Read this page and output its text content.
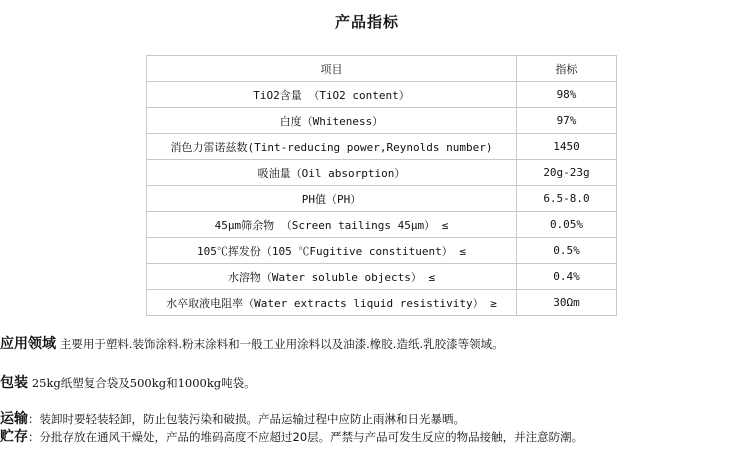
产品指标
项目	指标
TiO2含量 （TiO2 content）	98%
白度（Whiteness）	97%
消色力雷诺兹数(Tint-reducing power,Reynolds number)	1450
吸油量（Oil absorption）	20g-23g
PH值（PH）	6.5-8.0
45μm筛余物 （Screen tailings 45μm） ≤	0.05%
105℃挥发份（105 ℃Fugitive constituent） ≤	0.5%
水溶物（Water soluble objects） ≤	0.4%
水卒取液电阻率（Water extracts liquid resistivity） ≥	30Ωm
应用领域 主要用于塑料.装饰涂料.粉末涂料和一般工业用涂料以及油漆.橡胶.造纸.乳胶漆等领域。
包装 25kg纸塑复合袋及500kg和1000kg吨袋。
运输：装卸时要轻装轻卸，防止包装污染和破损。产品运输过程中应防止雨淋和日光暴晒。
贮存：分批存放在通风干燥处，产品的堆码高度不应超过20层。严禁与产品可发生反应的物品接触，并注意防潮。
